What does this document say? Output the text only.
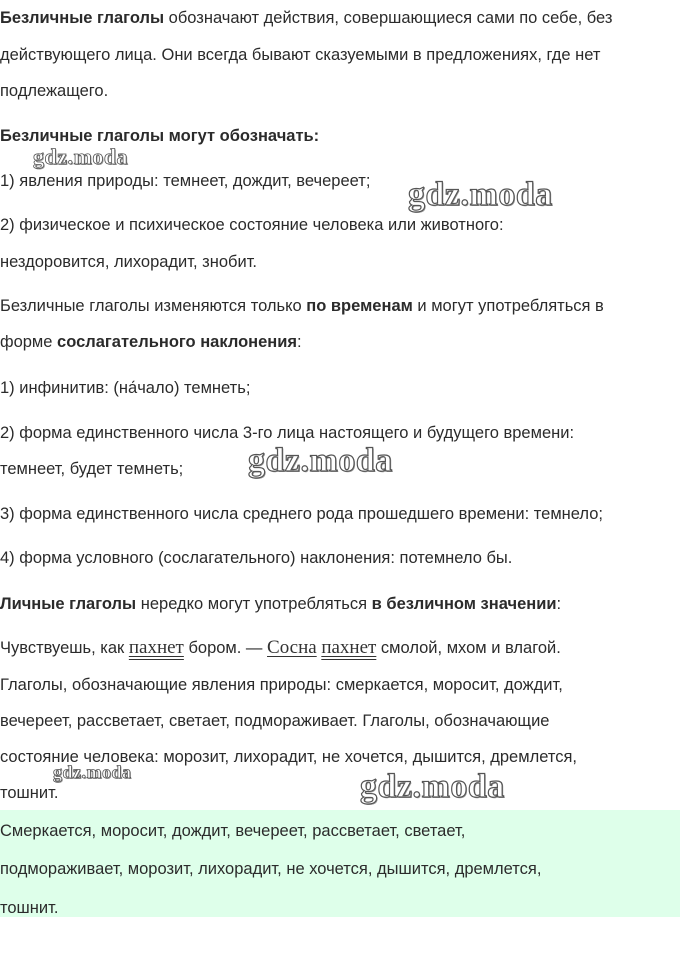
Безличные глаголы обозначают действия, совершающиеся сами по себе, без
действующего лица. Они всегда бывают сказуемыми в предложениях, где нет
подлежащего.
Безличные глаголы могут обозначать:
1) явления природы: темнеет, дождит, вечереет;
2) физическое и психическое состояние человека или животного:
нездоровится, лихорадит, знобит.
Безличные глаголы изменяются только по временам и могут употребляться в
форме сослагательного наклонения:
1) инфинитив: (на́чало) темнеть;
2) форма единственного числа 3-го лица настоящего и будущего времени:
темнеет, будет темнеть;
3) форма единственного числа среднего рода прошедшего времени: темнело;
4) форма условного (сослагательного) наклонения: потемнело бы.
Личные глаголы нередко могут употребляться в безличном значении:
Чувствуешь, как пахнет бором. — Сосна пахнет смолой, мхом и влагой.
Глаголы, обозначающие явления природы: смеркается, моросит, дождит,
вечереет, рассветает, светает, подмораживает. Глаголы, обозначающие
состояние человека: морозит, лихорадит, не хочется, дышится, дремлется,
тошнит.
Смеркается, моросит, дождит, вечереет, рассветает, светает,
подмораживает, морозит, лихорадит, не хочется, дышится, дремлется,
тошнит.
gdz.moda
gdz.moda
gdz.moda
gdz.moda	gdz.moda
